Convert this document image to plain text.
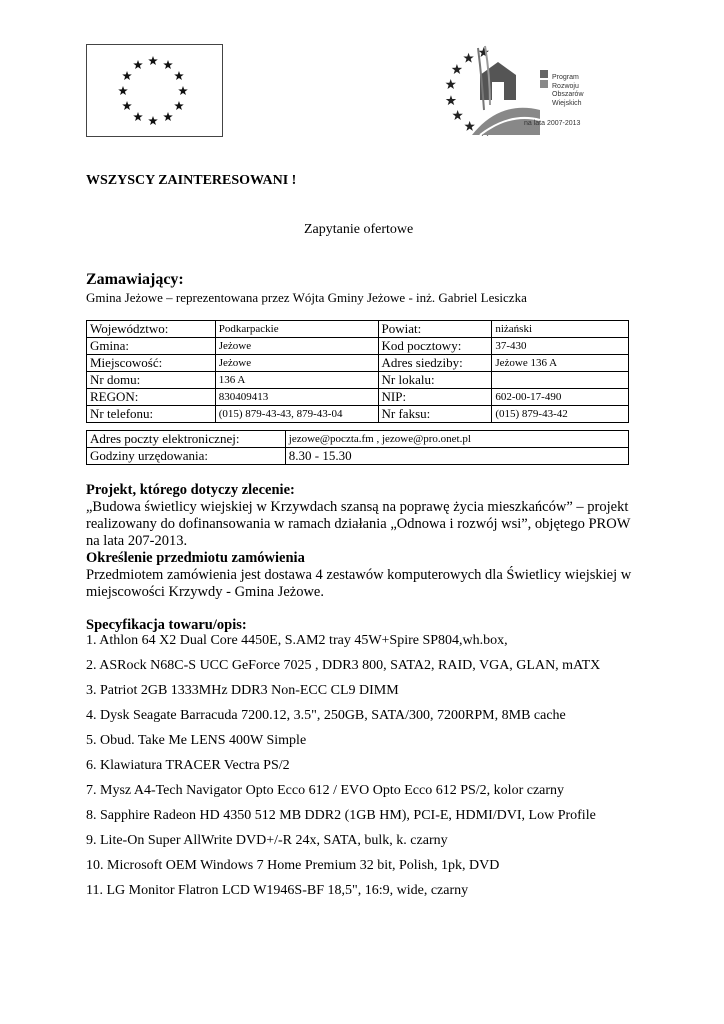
Program
Rozwoju
Obszarów
Wiejskich
na lata 2007-2013
WSZYSCY ZAINTERESOWANI !
Zapytanie ofertowe
Zamawiający:
Gmina Jeżowe – reprezentowana przez Wójta Gminy Jeżowe - inż. Gabriel Lesiczka
Województwo:	Podkarpackie	Powiat:	niżański
Gmina:	Jeżowe	Kod pocztowy:	37-430
Miejscowość:	Jeżowe	Adres siedziby:	Jeżowe 136 A
Nr domu:	136 A	Nr lokalu:	
REGON:	830409413	NIP:	602-00-17-490
Nr telefonu:	(015) 879-43-43, 879-43-04	Nr faksu:	(015) 879-43-42
Adres poczty elektronicznej:	jezowe@poczta.fm , jezowe@pro.onet.pl
Godziny urzędowania:	8.30 - 15.30
Projekt, którego dotyczy zlecenie:
„Budowa świetlicy wiejskiej w Krzywdach szansą na poprawę życia mieszkańców” – projekt
realizowany do dofinansowania w ramach działania „Odnowa i rozwój wsi”, objętego PROW
na lata 207-2013.
Określenie przedmiotu zamówienia
Przedmiotem zamówienia jest dostawa 4 zestawów komputerowych dla Świetlicy wiejskiej w
miejscowości Krzywdy - Gmina Jeżowe.
Specyfikacja towaru/opis:
1. Athlon 64 X2 Dual Core 4450E, S.AM2 tray 45W+Spire SP804,wh.box,
2. ASRock N68C-S UCC GeForce 7025 , DDR3 800, SATA2, RAID, VGA, GLAN, mATX
3. Patriot 2GB 1333MHz DDR3 Non-ECC CL9 DIMM
4. Dysk Seagate Barracuda 7200.12, 3.5", 250GB, SATA/300, 7200RPM, 8MB cache
5. Obud. Take Me LENS 400W Simple
6. Klawiatura TRACER Vectra PS/2
7. Mysz A4-Tech Navigator Opto Ecco 612 / EVO Opto Ecco 612 PS/2, kolor czarny
8. Sapphire Radeon HD 4350 512 MB DDR2 (1GB HM), PCI-E, HDMI/DVI, Low Profile
9. Lite-On Super AllWrite DVD+/-R 24x, SATA, bulk, k. czarny
10. Microsoft OEM Windows 7 Home Premium 32 bit, Polish, 1pk, DVD
11. LG Monitor Flatron LCD W1946S-BF 18,5", 16:9, wide, czarny
